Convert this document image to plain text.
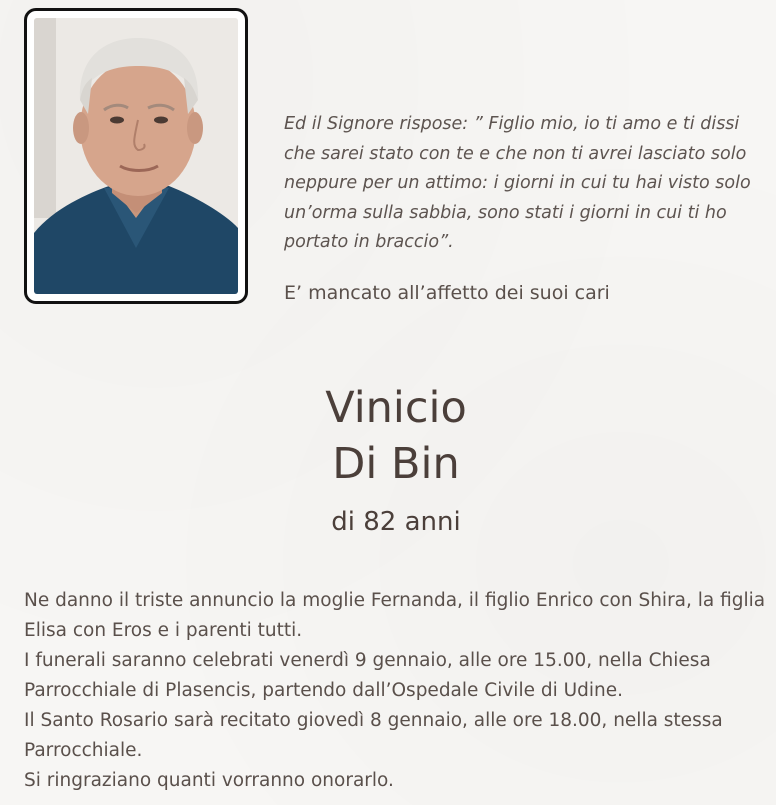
Ed il Signore rispose: ” Figlio mio, io ti amo e ti dissi che sarei stato con te e che non ti avrei lasciato solo neppure per un attimo: i giorni in cui tu hai visto solo un’orma sulla sabbia, sono stati i giorni in cui ti ho portato in braccio”.

E’ mancato all’affetto dei suoi cari

Vinicio
Di Bin
di 82 anni

Ne danno il triste annuncio la moglie Fernanda, il figlio Enrico con Shira, la figlia Elisa con Eros e i parenti tutti.
I funerali saranno celebrati venerdì 9 gennaio, alle ore 15.00, nella Chiesa Parrocchiale di Plasencis, partendo dall’Ospedale Civile di Udine.
Il Santo Rosario sarà recitato giovedì 8 gennaio, alle ore 18.00, nella stessa Parrocchiale.
Si ringraziano quanti vorranno onorarlo.
